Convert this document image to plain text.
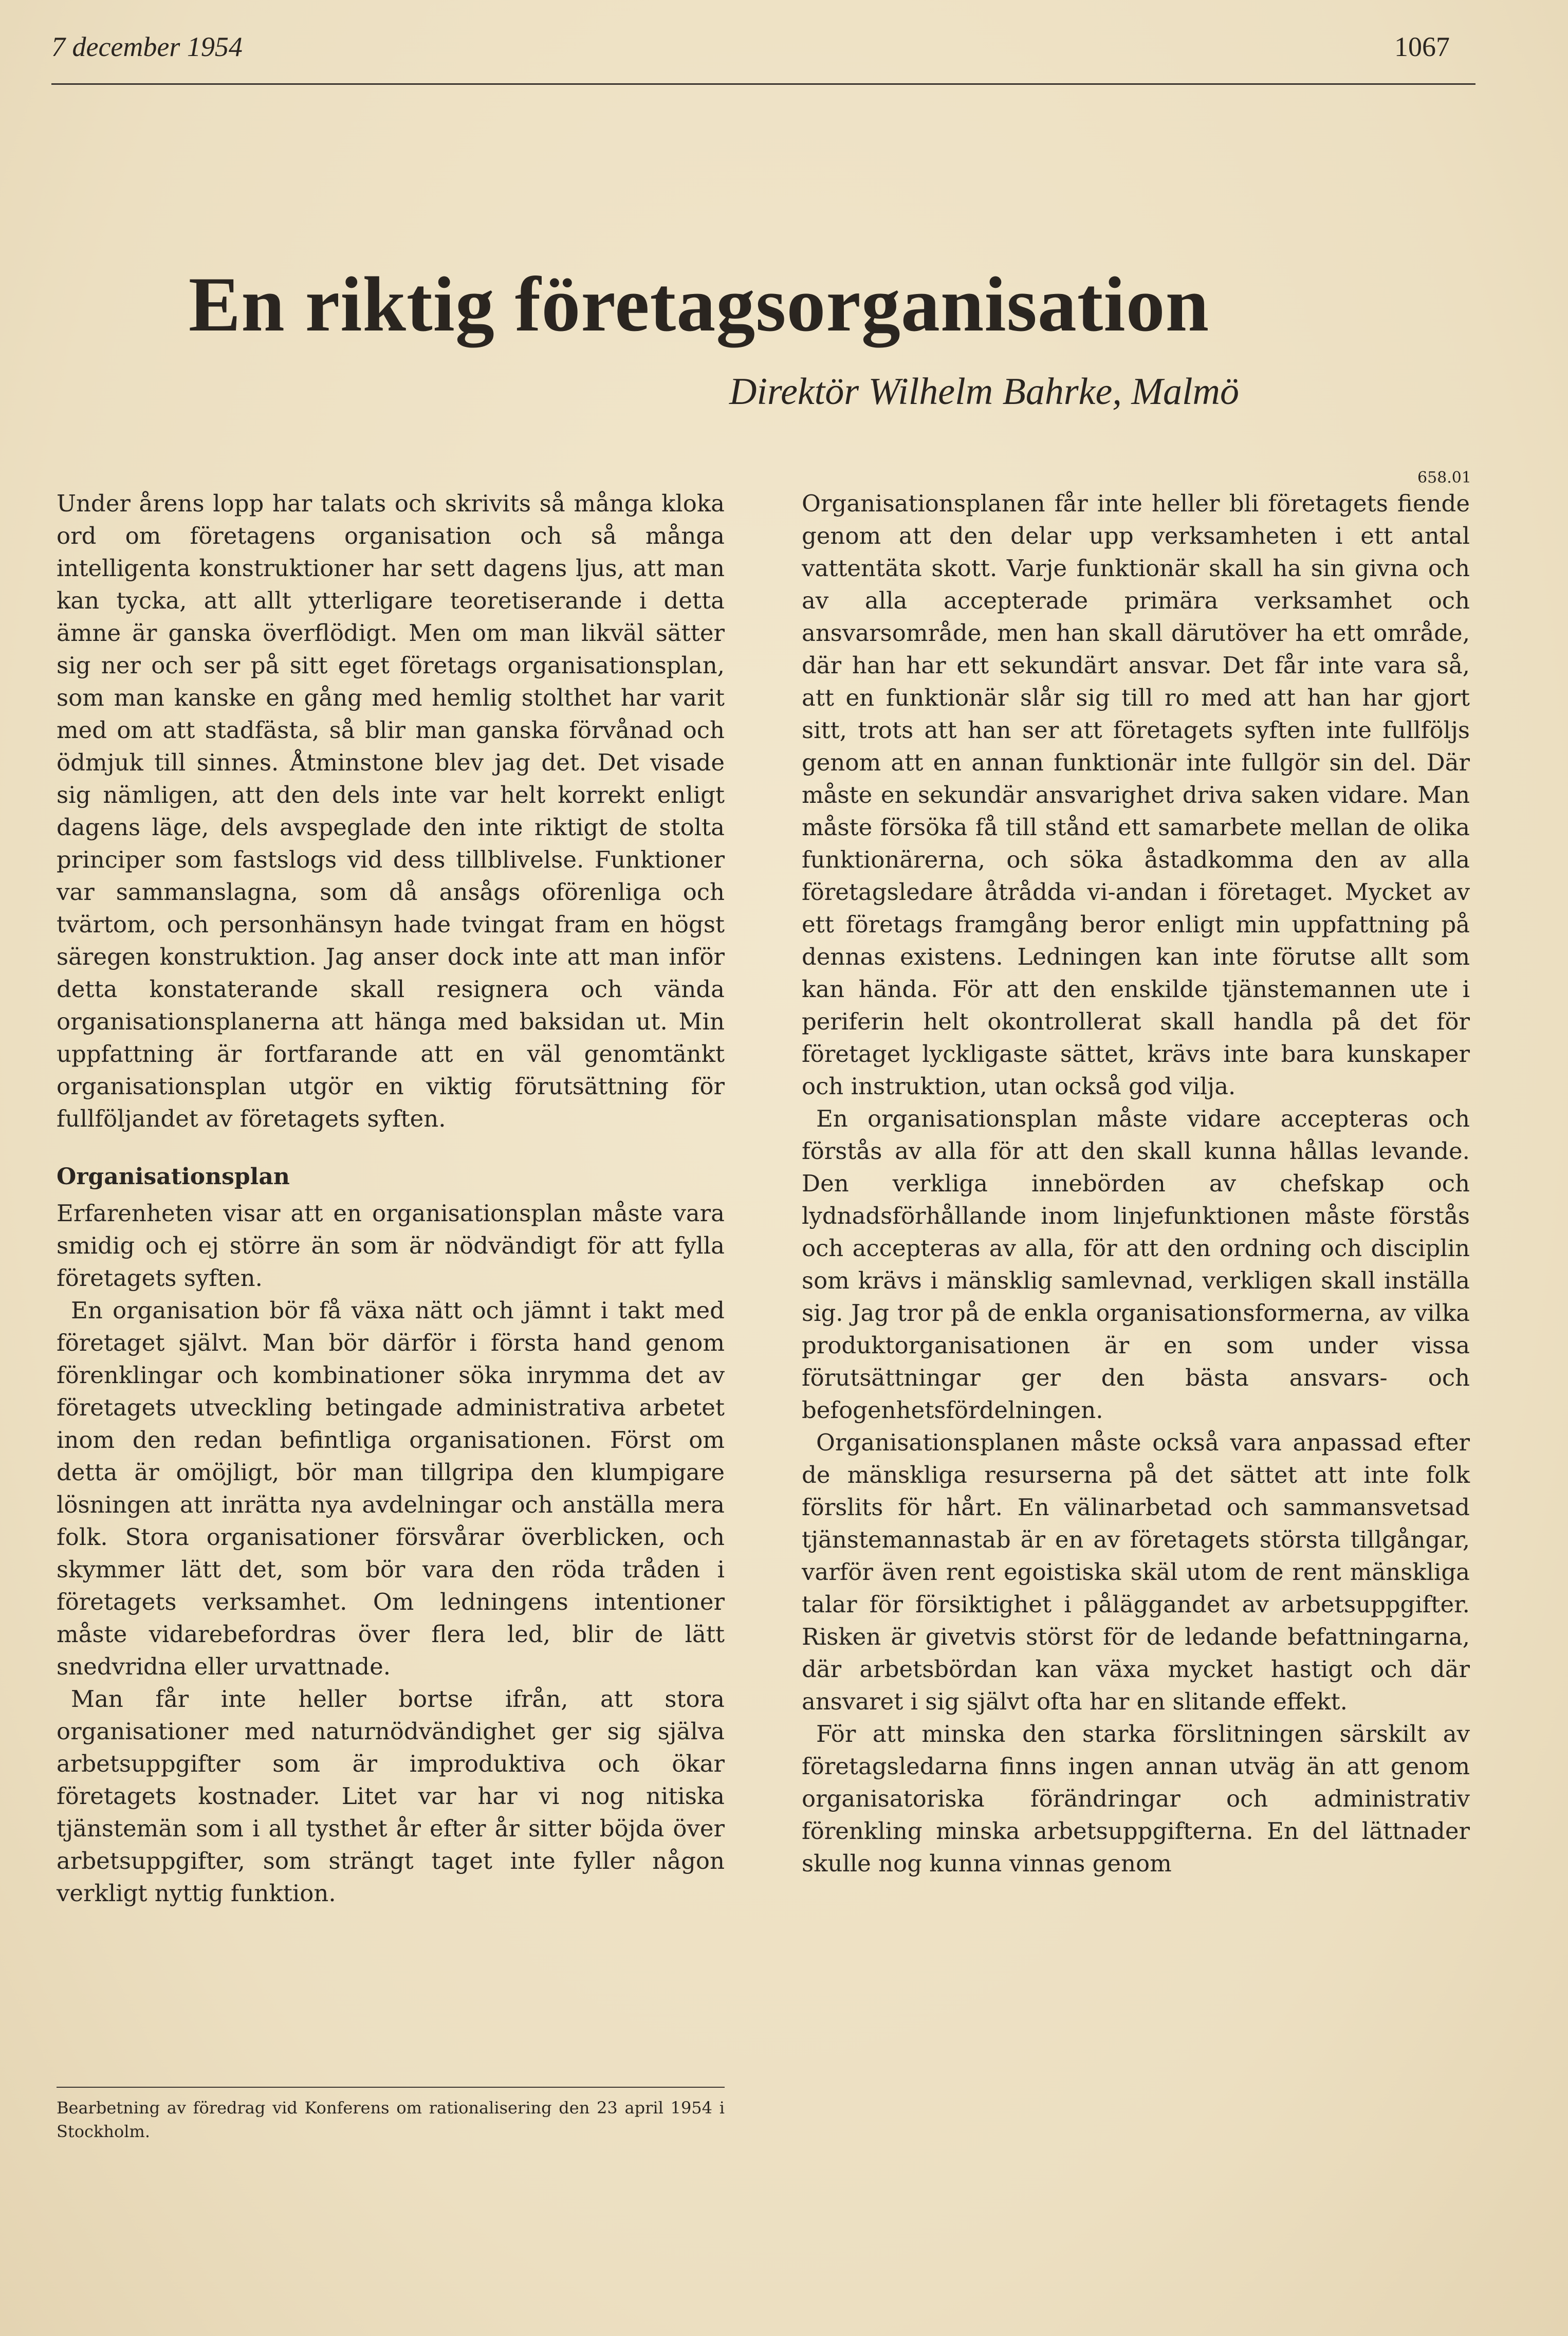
7 december 1954	1067
En riktig företagsorganisation
Direktör Wilhelm Bahrke, Malmö
658.01

Under årens lopp har talats och skrivits så många kloka ord om företagens organisation och så många intelligenta konstruktioner har sett dagens ljus, att man kan tycka, att allt ytterligare teoretiserande i detta ämne är ganska överflödigt. Men om man likväl sätter sig ner och ser på sitt eget företags organisationsplan, som man kanske en gång med hemlig stolthet har varit med om att stadfästa, så blir man ganska förvånad och ödmjuk till sinnes. Åtminstone blev jag det. Det visade sig nämligen, att den dels inte var helt korrekt enligt dagens läge, dels avspeglade den inte riktigt de stolta principer som fastslogs vid dess tillblivelse. Funktioner var sammanslagna, som då ansågs oförenliga och tvärtom, och personhänsyn hade tvingat fram en högst säregen konstruktion. Jag anser dock inte att man inför detta konstaterande skall resignera och vända organisationsplanerna att hänga med baksidan ut. Min uppfattning är fortfarande att en väl genomtänkt organisationsplan utgör en viktig förutsättning för fullföljandet av företagets syften.

Organisationsplan

Erfarenheten visar att en organisationsplan måste vara smidig och ej större än som är nödvändigt för att fylla företagets syften.

En organisation bör få växa nätt och jämnt i takt med företaget självt. Man bör därför i första hand genom förenklingar och kombinationer söka inrymma det av företagets utveckling betingade administrativa arbetet inom den redan befintliga organisationen. Först om detta är omöjligt, bör man tillgripa den klumpigare lösningen att inrätta nya avdelningar och anställa mera folk. Stora organisationer försvårar överblicken, och skymmer lätt det, som bör vara den röda tråden i företagets verksamhet. Om ledningens intentioner måste vidarebefordras över flera led, blir de lätt snedvridna eller urvattnade.

Man får inte heller bortse ifrån, att stora organisationer med naturnödvändighet ger sig själva arbetsuppgifter som är improduktiva och ökar företagets kostnader. Litet var har vi nog nitiska tjänstemän som i all tysthet år efter år sitter böjda över arbetsuppgifter, som strängt taget inte fyller någon verkligt nyttig funktion.

Bearbetning av föredrag vid Konferens om rationalisering den 23 april 1954 i Stockholm.

Organisationsplanen får inte heller bli företagets fiende genom att den delar upp verksamheten i ett antal vattentäta skott. Varje funktionär skall ha sin givna och av alla accepterade primära verksamhet och ansvarsområde, men han skall därutöver ha ett område, där han har ett sekundärt ansvar. Det får inte vara så, att en funktionär slår sig till ro med att han har gjort sitt, trots att han ser att företagets syften inte fullföljs genom att en annan funktionär inte fullgör sin del. Där måste en sekundär ansvarighet driva saken vidare. Man måste försöka få till stånd ett samarbete mellan de olika funktionärerna, och söka åstadkomma den av alla företagsledare åtrådda vi-andan i företaget. Mycket av ett företags framgång beror enligt min uppfattning på dennas existens. Ledningen kan inte förutse allt som kan hända. För att den enskilde tjänstemannen ute i periferin helt okontrollerat skall handla på det för företaget lyckligaste sättet, krävs inte bara kunskaper och instruktion, utan också god vilja.

En organisationsplan måste vidare accepteras och förstås av alla för att den skall kunna hållas levande. Den verkliga innebörden av chefskap och lydnadsförhållande inom linjefunktionen måste förstås och accepteras av alla, för att den ordning och disciplin som krävs i mänsklig samlevnad, verkligen skall inställa sig. Jag tror på de enkla organisationsformerna, av vilka produktorganisationen är en som under vissa förutsättningar ger den bästa ansvars- och befogenhetsfördelningen.

Organisationsplanen måste också vara anpassad efter de mänskliga resurserna på det sättet att inte folk förslits för hårt. En välinarbetad och sammansvetsad tjänstemannastab är en av företagets största tillgångar, varför även rent egoistiska skäl utom de rent mänskliga talar för försiktighet i påläggandet av arbetsuppgifter. Risken är givetvis störst för de ledande befattningarna, där arbetsbördan kan växa mycket hastigt och där ansvaret i sig självt ofta har en slitande effekt.

För att minska den starka förslitningen särskilt av företagsledarna finns ingen annan utväg än att genom organisatoriska förändringar och administrativ förenkling minska arbetsuppgifterna. En del lättnader skulle nog kunna vinnas genom
